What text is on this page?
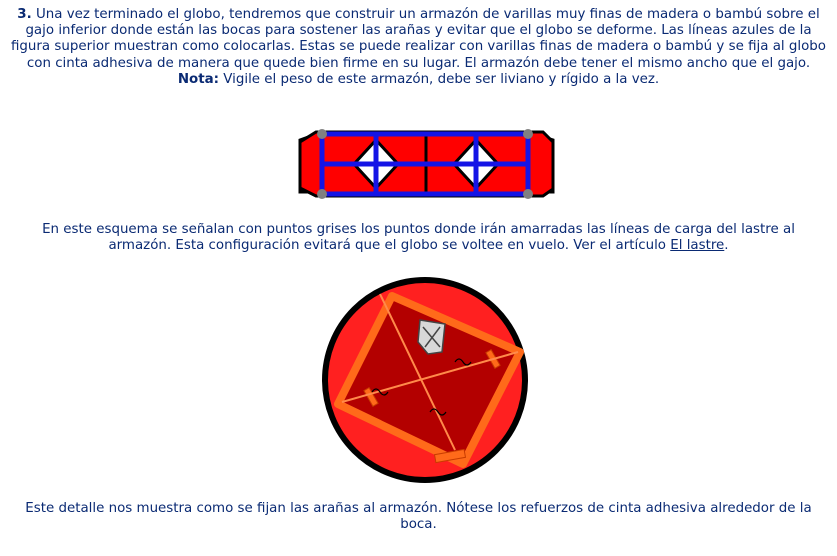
3. Una vez terminado el globo, tendremos que construir un armazón de varillas muy finas de madera o bambú sobre el gajo inferior donde están las bocas para sostener las arañas y evitar que el globo se deforme. Las líneas azules de la figura superior muestran como colocarlas. Estas se puede realizar con varillas finas de madera o bambú y se fija al globo con cinta adhesiva de manera que quede bien firme en su lugar. El armazón debe tener el mismo ancho que el gajo.
Nota: Vigile el peso de este armazón, debe ser liviano y rígido a la vez.

En este esquema se señalan con puntos grises los puntos donde irán amarradas las líneas de carga del lastre al armazón. Esta configuración evitará que el globo se voltee en vuelo. Ver el artículo El lastre.

Este detalle nos muestra como se fijan las arañas al armazón. Nótese los refuerzos de cinta adhesiva alrededor de la boca.
